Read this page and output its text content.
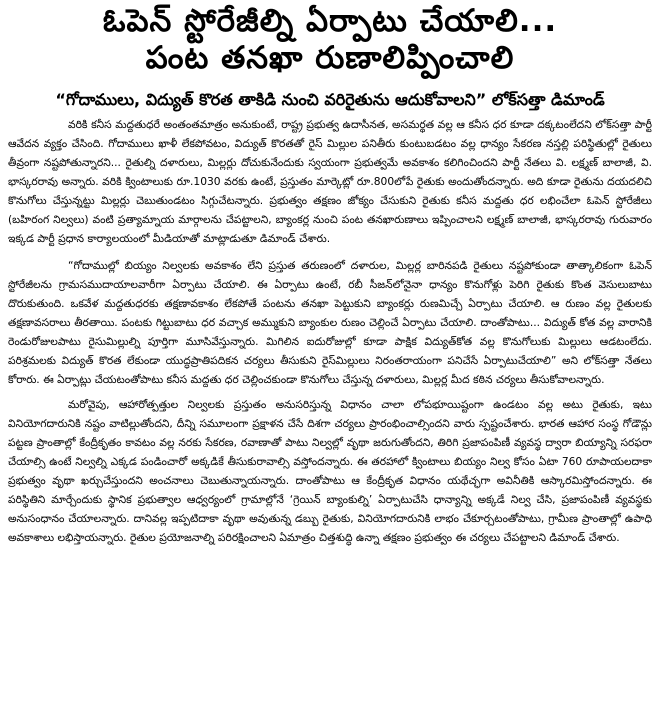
ఓపెన్ స్టోరేజీల్ని ఏర్పాటు చేయాలి...
పంట తనఖా రుణాలిప్పించాలి
“గోదాములు, విద్యుత్ కొరత తాకిడి నుంచి వరిరైతును ఆదుకోవాలని” లోక్‌సత్తా డిమాండ్

వరికి కనీస మద్దతుధరే అంతంతమాత్రం అనుకుంటే, రాష్ట్ర ప్రభుత్వ ఉదాసీనత, అసమర్థత వల్ల ఆ కనీస ధర కూడా దక్కటంలేదని లోక్‌సత్తా పార్టీ ఆవేదన వ్యక్తం చేసింది. గోదాములు ఖాళీ లేకపోవటం, విద్యుత్ కొరతతో రైస్ మిల్లుల పనితీరు కుంటుబడటం వల్ల ధాన్యం సేకరణ నస్తల్లి పరిస్థితుల్లో రైతులు తీవ్రంగా నష్టపోతున్నారని... రైతుల్ని దళారులు, మిల్లర్లు దోచుకునేందుకు స్వయంగా ప్రభుత్వమే అవకాశం కలిగించిందని పార్టీ నేతలు వి. లక్ష్మణ్ బాలాజీ, వి. భాస్కరరావు అన్నారు. వరికి క్వింటాలుకు రూ.1030 వరకు ఉంటే, ప్రస్తుతం మార్కెట్లో రూ.800లోపే రైతుకు అందుతోందన్నారు. అది కూడా రైతును దయదలిచి కొనుగోలు చేస్తున్నట్టు మిల్లర్లు చెబుతుండటం సిగ్గుచేటన్నారు. ప్రభుత్వం తక్షణం జోక్యం చేసుకుని రైతుకు కనీస మద్దతు ధర లభించేలా ఓపెన్ స్టోరేజీలు (బహిరంగ నిల్వలు) వంటి ప్రత్యామ్నాయ మార్గాలను చేపట్టాలని, బ్యాంకర్ల నుంచి పంట తనఖారుణాలు ఇప్పించాలని లక్ష్మణ్ బాలాజీ, భాస్కరరావు గురువారం ఇక్కడ పార్టీ ప్రధాన కార్యాలయంలో మీడియాతో మాట్లాడుతూ డిమాండ్ చేశారు.

“గోదాముల్లో బియ్యం నిల్వలకు అవకాశం లేని ప్రస్తుత తరుణంలో దళారుల, మిల్లర్ల బారినపడి రైతులు నష్టపోకుండా తాత్కాలికంగా ఓపెన్ స్టోరేజీలను గ్రామసముదాయాలవారీగా ఏర్పాటు చేయాలి. ఈ ఏర్పాటు ఉంటే, రబీ సీజన్‌లోనైనా ధాన్యం కొనుగోళ్లు పెరిగి రైతుకు కొంత వెసులుబాటు దొరుకుతుంది. ఒకవేళ మద్దతుధరకు తక్షణావకాశం లేకపోతే పంటను తనఖా పెట్టుకుని బ్యాంకర్లు రుణమిచ్చే ఏర్పాటు చేయాలి. ఆ రుణం వల్ల రైతులకు తక్షణావసరాలు తీరతాయి. పంటకు గిట్టుబాటు ధర వచ్చాక అమ్ముకుని బ్యాంకుల రుణం చెల్లించే ఏర్పాటు చేయాలి. దాంతోపాటు... విద్యుత్ కోత వల్ల వారానికి రెండురోజులపాటు రైసుమిల్లుల్ని పూర్తిగా మూసివేస్తున్నారు. మిగిలిన ఐదురోజుల్లో కూడా పాక్షిక విద్యుత్‌కోత వల్ల కొనుగోలుకు మిల్లులు ఆడటంలేదు. పరిశ్రమలకు విద్యుత్ కొరత లేకుండా యుద్ధప్రాతిపదికన చర్యలు తీసుకుని రైస్‌మిల్లులు నిరంతరాయంగా పనిచేసే ఏర్పాటుచేయాలి” అని లోక్‌సత్తా నేతలు కోరారు. ఈ ఏర్పాట్లు చేయటంతోపాటు కనీస మద్దతు ధర చెల్లించకుండా కొనుగోలు చేస్తున్న దళారులు, మిల్లర్ల మీద కఠిన చర్యలు తీసుకోవాలన్నారు.

మరోవైపు, ఆహారోత్పత్తుల నిల్వలకు ప్రస్తుతం అనుసరిస్తున్న విధానం చాలా లోపభూయిష్టంగా ఉండటం వల్ల అటు రైతుకు, ఇటు వినియోగదారునికి నష్టం వాటిల్లుతోందని, దీన్ని సమూలంగా ప్రక్షాళన చేసే దిశగా చర్యలు ప్రారంభించాల్సిందని వారు స్పష్టంచేశారు. భారత ఆహార సంస్థ గోడౌన్లు పట్టణ ప్రాంతాల్లో కేంద్రీకృతం కావటం వల్ల నరకు సేకరణ, రవాణాతో పాటు నిల్వల్లో వృథా జరుగుతోందని, తిరిగి ప్రజాపంపిణీ వ్యవస్థ ద్వారా బియ్యాన్ని సరఫరా చేయాల్సి ఉంటే నిల్వల్ని ఎక్కడ పండించారో అక్కడికే తీసుకురావాల్సి వస్తోందన్నారు. ఈ తరహాలో క్వింటాలు బియ్యం నిల్వ కోసం ఏటా 760 రూపాయలదాకా ప్రభుత్వం వృథా ఖర్చుచేస్తుందని అంచనాలు చెబుతున్నాయన్నారు. దాంతోపాటు ఆ కేంద్రీకృత విధానం యథేచ్ఛగా అవినీతికి ఆస్కారమిస్తోందన్నారు. ఈ పరిస్థితిని మార్చేందుకు స్థానిక ప్రభుత్వాల ఆధ్వర్యంలో గ్రామాల్లోనే ‘గ్రెయిన్ బ్యాంకుల్ని’ ఏర్పాటుచేసి ధాన్యాన్ని అక్కడే నిల్వ చేసి, ప్రజాపంపిణీ వ్యవస్థకు అనుసంధానం చేయాలన్నారు. దానివల్ల ఇప్పటిదాకా వృథా అవుతున్న డబ్బు రైతుకు, వినియోగదారునికి లాభం చేకూర్చటంతోపాటు, గ్రామీణ ప్రాంతాల్లో ఉపాధి అవకాశాలు లభిస్తాయన్నారు. రైతుల ప్రయోజనాల్ని పరిరక్షించాలని ఏమాత్రం చిత్తశుద్ధి ఉన్నా తక్షణం ప్రభుత్వం ఈ చర్యలు చేపట్టాలని డిమాండ్ చేశారు.
